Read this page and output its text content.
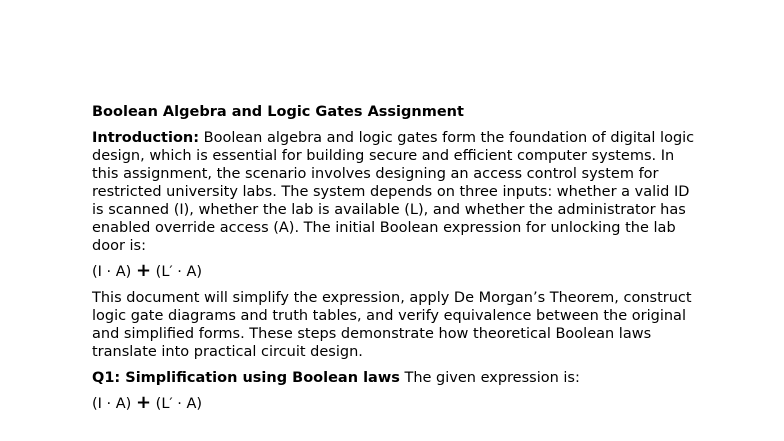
Boolean Algebra and Logic Gates Assignment
Introduction: Boolean algebra and logic gates form the foundation of digital logic design, which is essential for building secure and efficient computer systems. In this assignment, the scenario involves designing an access control system for restricted university labs. The system depends on three inputs: whether a valid ID is scanned (I), whether the lab is available (L), and whether the administrator has enabled override access (A). The initial Boolean expression for unlocking the lab door is:
(I · A) + (L′ · A)
This document will simplify the expression, apply De Morgan’s Theorem, construct logic gate diagrams and truth tables, and verify equivalence between the original and simplified forms. These steps demonstrate how theoretical Boolean laws translate into practical circuit design.
Q1: Simplification using Boolean laws The given expression is:
(I · A) + (L′ · A)
